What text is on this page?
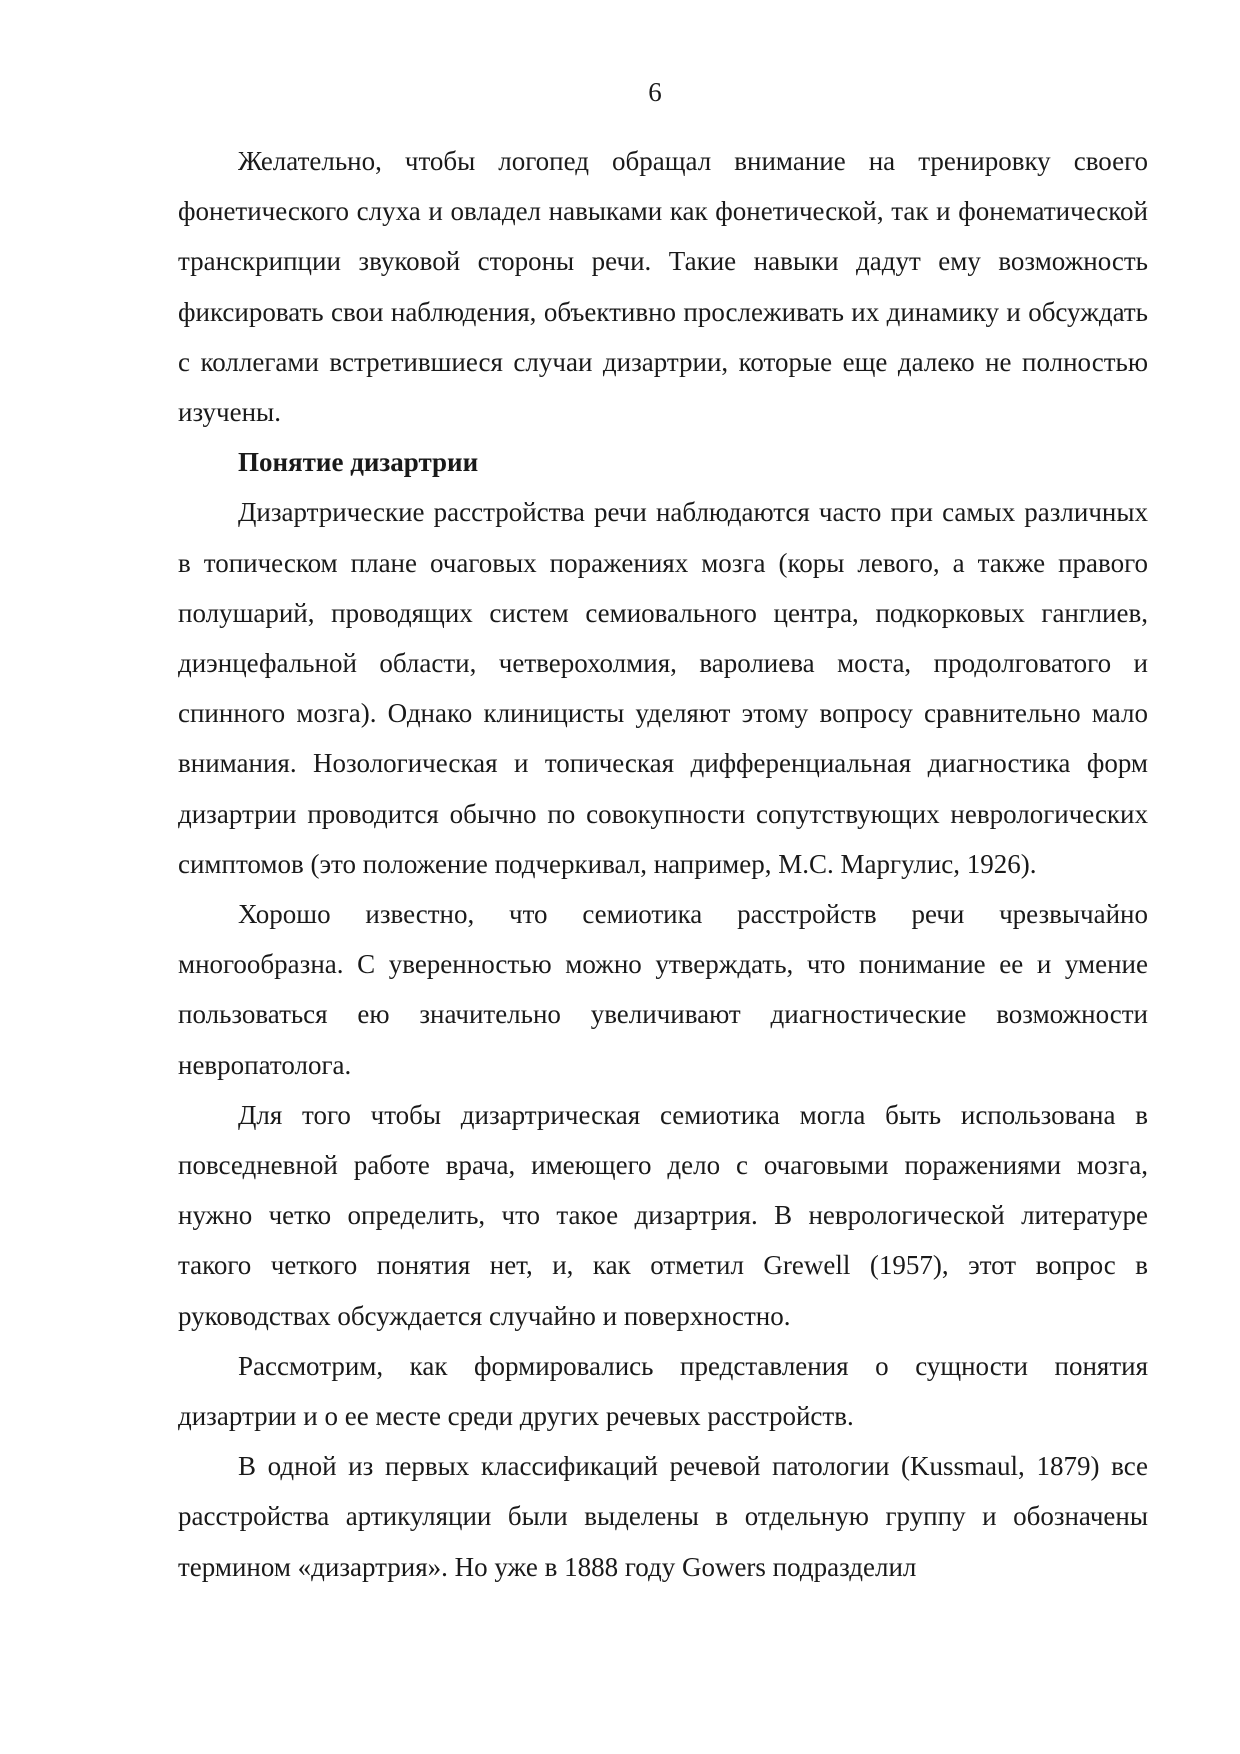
6

Желательно, чтобы логопед обращал внимание на тренировку своего фонетического слуха и овладел навыками как фонетической, так и фонематической транскрипции звуковой стороны речи. Такие навыки дадут ему возможность фиксировать свои наблюдения, объективно прослеживать их динамику и обсуждать с коллегами встретившиеся случаи дизартрии, которые еще далеко не полностью изучены.

Понятие дизартрии

Дизартрические расстройства речи наблюдаются часто при самых различных в топическом плане очаговых поражениях мозга (коры левого, а также правого полушарий, проводящих систем семиовального центра, подкорковых ганглиев, диэнцефальной области, четверохолмия, варолиева моста, продолговатого и спинного мозга). Однако клиницисты уделяют этому вопросу сравнительно мало внимания. Нозологическая и топическая дифференциальная диагностика форм дизартрии проводится обычно по совокупности сопутствующих неврологических симптомов (это положение подчеркивал, например, М.С. Маргулис, 1926).

Хорошо известно, что семиотика расстройств речи чрезвычайно многообразна. С уверенностью можно утверждать, что понимание ее и умение пользоваться ею значительно увеличивают диагностические возможности невропатолога.

Для того чтобы дизартрическая семиотика могла быть использована в повседневной работе врача, имеющего дело с очаговыми поражениями мозга, нужно четко определить, что такое дизартрия. В неврологической литературе такого четкого понятия нет, и, как отметил Grewell (1957), этот вопрос в руководствах обсуждается случайно и поверхностно.

Рассмотрим, как формировались представления о сущности понятия дизартрии и о ее месте среди других речевых расстройств.

В одной из первых классификаций речевой патологии (Kussmaul, 1879) все расстройства артикуляции были выделены в отдельную группу и обозначены термином «дизартрия». Но уже в 1888 году Gowers подразделил
